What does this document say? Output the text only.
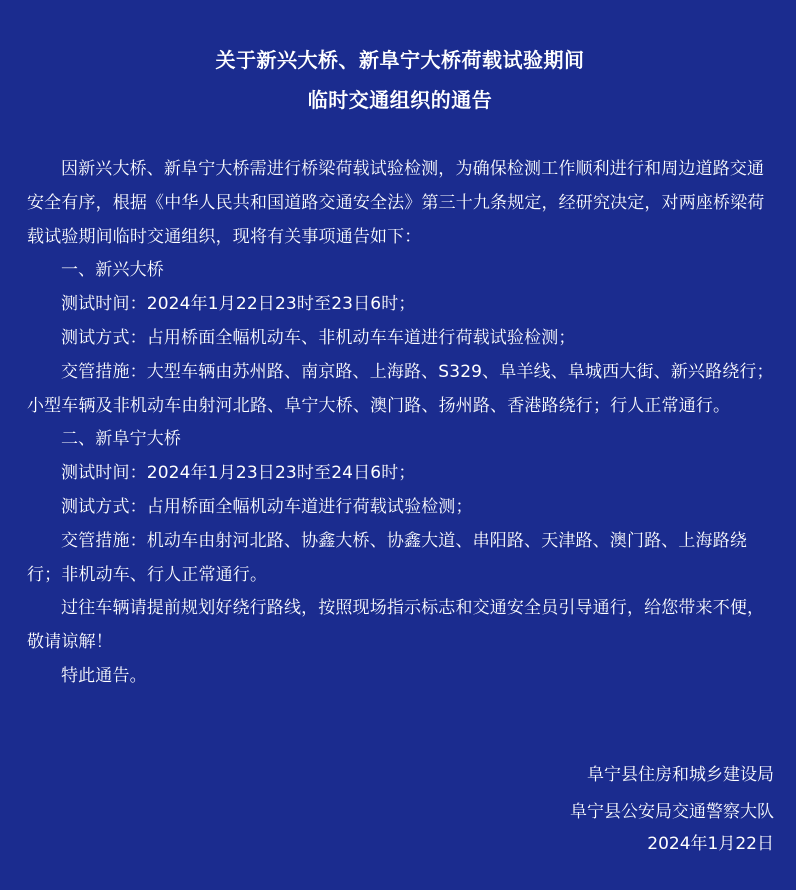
关于新兴大桥、新阜宁大桥荷载试验期间
临时交通组织的通告

因新兴大桥、新阜宁大桥需进行桥梁荷载试验检测，为确保检测工作顺利进行和周边道路交通安全有序，根据《中华人民共和国道路交通安全法》第三十九条规定，经研究决定，对两座桥梁荷载试验期间临时交通组织，现将有关事项通告如下：

一、新兴大桥

测试时间：2024年1月22日23时至23日6时；

测试方式：占用桥面全幅机动车、非机动车车道进行荷载试验检测；

交管措施：大型车辆由苏州路、南京路、上海路、S329、阜羊线、阜城西大街、新兴路绕行；小型车辆及非机动车由射河北路、阜宁大桥、澳门路、扬州路、香港路绕行；行人正常通行。

二、新阜宁大桥

测试时间：2024年1月23日23时至24日6时；

测试方式：占用桥面全幅机动车道进行荷载试验检测；

交管措施：机动车由射河北路、协鑫大桥、协鑫大道、串阳路、天津路、澳门路、上海路绕行；非机动车、行人正常通行。

过往车辆请提前规划好绕行路线，按照现场指示标志和交通安全员引导通行，给您带来不便，敬请谅解！

特此通告。

阜宁县住房和城乡建设局
阜宁县公安局交通警察大队
2024年1月22日
